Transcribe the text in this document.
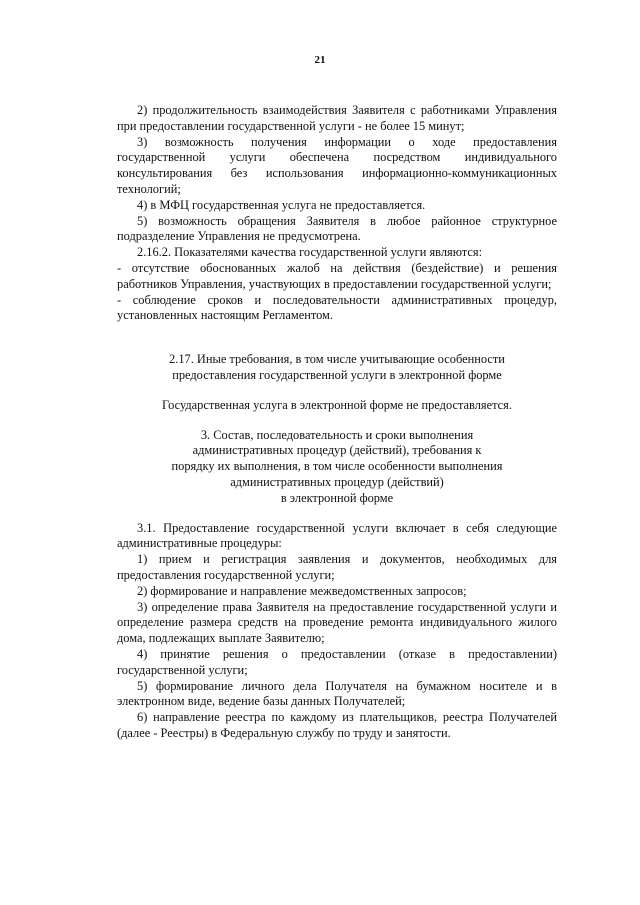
21

2) продолжительность взаимодействия Заявителя с работниками Управления при предоставлении государственной услуги - не более 15 минут;

3) возможность получения информации о ходе предоставления государственной услуги обеспечена посредством индивидуального консультирования без использования информационно-коммуникационных технологий;

4) в МФЦ государственная услуга не предоставляется.

5) возможность обращения Заявителя в любое районное структурное подразделение Управления не предусмотрена.

2.16.2. Показателями качества государственной услуги являются:

- отсутствие обоснованных жалоб на действия (бездействие) и решения работников Управления, участвующих в предоставлении государственной услуги;

- соблюдение сроков и последовательности административных процедур, установленных настоящим Регламентом.

2.17. Иные требования, в том числе учитывающие особенности

предоставления государственной услуги в электронной форме

Государственная услуга в электронной форме не предоставляется.

3. Состав, последовательность и сроки выполнения

административных процедур (действий), требования к

порядку их выполнения, в том числе особенности выполнения

административных процедур (действий)

в электронной форме

3.1. Предоставление государственной услуги включает в себя следующие административные процедуры:

1) прием и регистрация заявления и документов, необходимых для предоставления государственной услуги;

2) формирование и направление межведомственных запросов;

3) определение права Заявителя на предоставление государственной услуги и определение размера средств на проведение ремонта индивидуального жилого дома, подлежащих выплате Заявителю;

4) принятие решения о предоставлении (отказе в предоставлении) государственной услуги;

5) формирование личного дела Получателя на бумажном носителе и в электронном виде, ведение базы данных Получателей;

6) направление реестра по каждому из плательщиков, реестра Получателей (далее - Реестры) в Федеральную службу по труду и занятости.
